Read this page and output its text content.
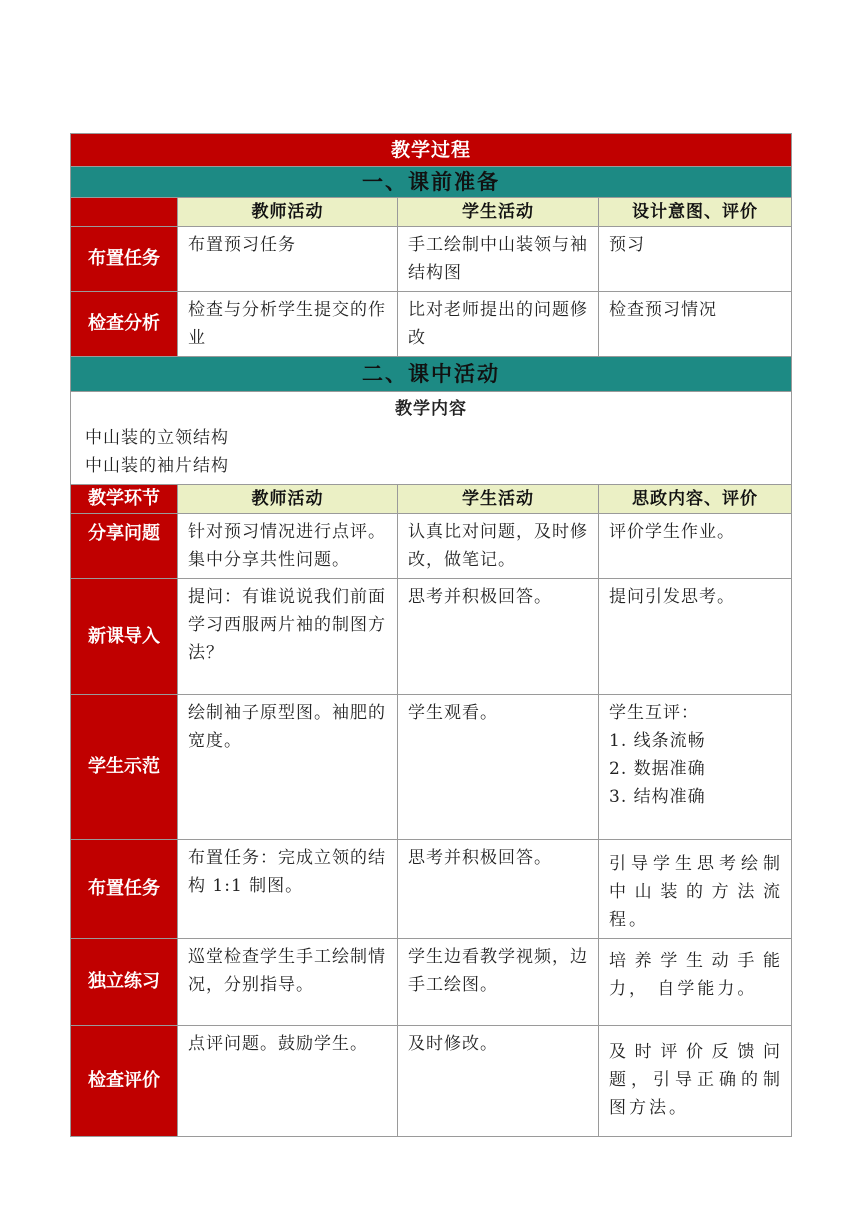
教学过程			
一、课前准备			
	教师活动	学生活动	设计意图、评价
布置任务	布置预习任务	手工绘制中山装领与袖结构图	预习

检查分析	检查与分析学生提交的作业	比对老师提出的问题修改	检查预习情况

二、课中活动			

教学内容
中山装的立领结构
中山装的袖片结构			

教学环节	教师活动	学生活动	思政内容、评价
分享问题	针对预习情况进行点评。集中分享共性问题。	认真比对问题，及时修改，做笔记。	评价学生作业。

新课导入	提问：有谁说说我们前面学习西服两片袖的制图方法？	思考并积极回答。	提问引发思考。

学生示范	绘制袖子原型图。袖肥的宽度。	学生观看。	学生互评：
1. 线条流畅
2. 数据准确
3. 结构准确

布置任务	布置任务：完成立领的结构 1:1 制图。	思考并积极回答。	引导学生思考绘制中山装的方法流程。

独立练习	巡堂检查学生手工绘制情况，分别指导。	学生边看教学视频，边手工绘图。	培养学生动手能力， 自学能力。

检查评价	点评问题。鼓励学生。	及时修改。	及时评价反馈问题，引导正确的制图方法。
